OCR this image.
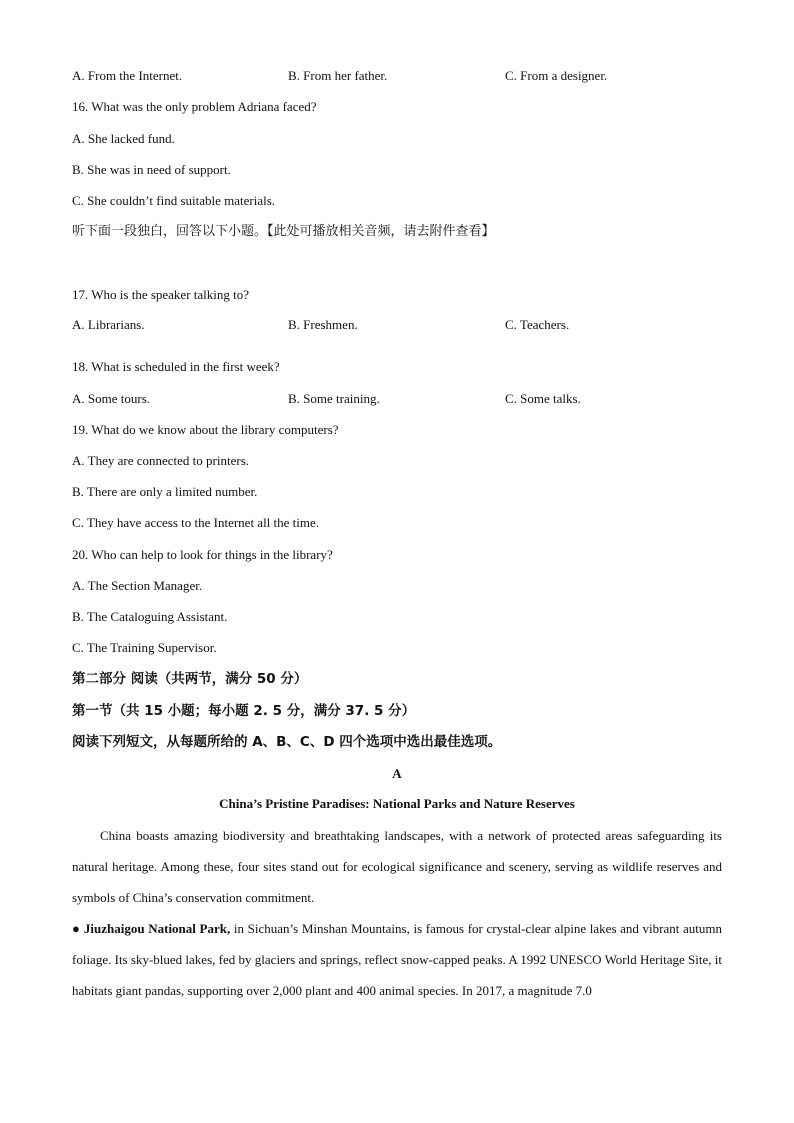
A. From the Internet.	B. From her father.	C. From a designer.
16. What was the only problem Adriana faced?
A. She lacked fund.
B. She was in need of support.
C. She couldn’t find suitable materials.
听下面一段独白，回答以下小题。【此处可播放相关音频，请去附件查看】
17. Who is the speaker talking to?
A. Librarians.	B. Freshmen.	C. Teachers.
18. What is scheduled in the first week?
A. Some tours.	B. Some training.	C. Some talks.
19. What do we know about the library computers?
A. They are connected to printers.
B. There are only a limited number.
C. They have access to the Internet all the time.
20. Who can help to look for things in the library?
A. The Section Manager.
B. The Cataloguing Assistant.
C. The Training Supervisor.
第二部分 阅读（共两节，满分 50 分）
第一节（共 15 小题；每小题 2. 5 分，满分 37. 5 分）
阅读下列短文，从每题所给的 A、B、C、D 四个选项中选出最佳选项。
A
China’s Pristine Paradises: National Parks and Nature Reserves

China boasts amazing biodiversity and breathtaking landscapes, with a network of protected areas safeguarding its natural heritage. Among these, four sites stand out for ecological significance and scenery, serving as wildlife reserves and symbols of China’s conservation commitment.

● Jiuzhaigou National Park, in Sichuan’s Minshan Mountains, is famous for crystal-clear alpine lakes and vibrant autumn foliage. Its sky-blued lakes, fed by glaciers and springs, reflect snow-capped peaks. A 1992 UNESCO World Heritage Site, it habitats giant pandas, supporting over 2,000 plant and 400 animal species. In 2017, a magnitude 7.0
